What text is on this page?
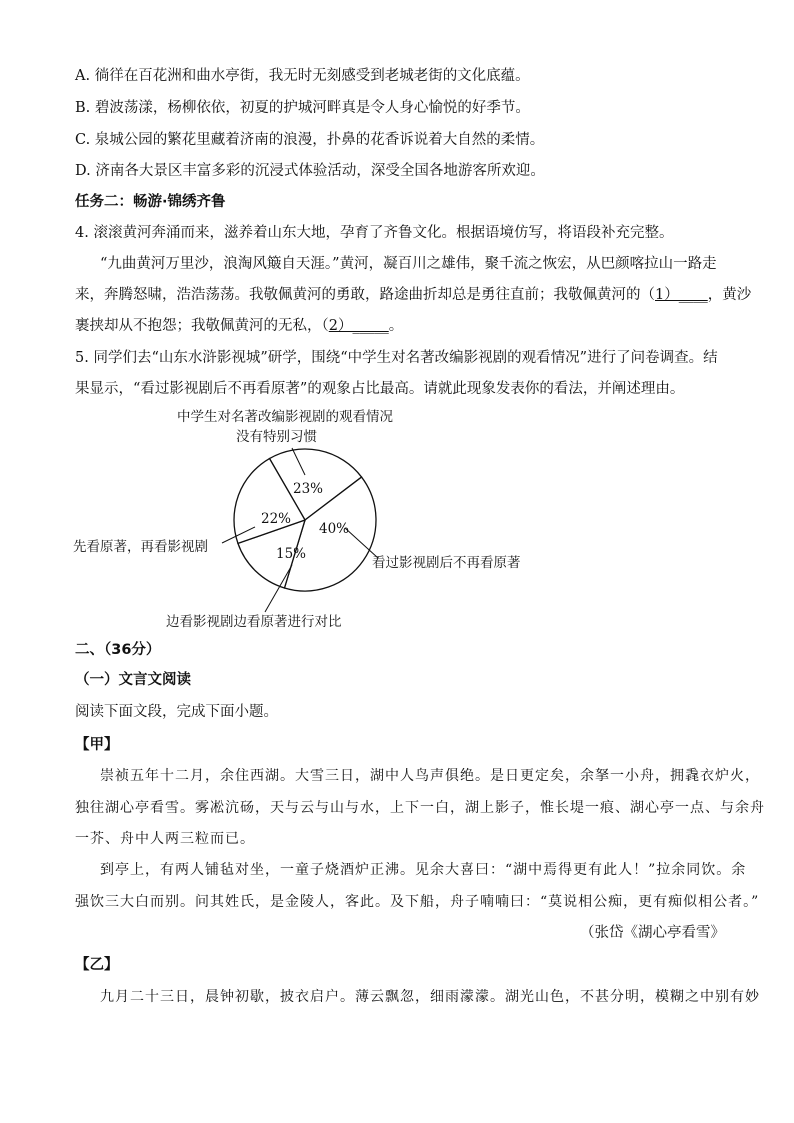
A. 徜徉在百花洲和曲水亭街，我无时无刻感受到老城老街的文化底蕴。
B. 碧波荡漾，杨柳依依，初夏的护城河畔真是令人身心愉悦的好季节。
C. 泉城公园的繁花里藏着济南的浪漫，扑鼻的花香诉说着大自然的柔情。
D. 济南各大景区丰富多彩的沉浸式体验活动，深受全国各地游客所欢迎。
任务二：畅游·锦绣齐鲁
4. 滚滚黄河奔涌而来，滋养着山东大地，孕育了齐鲁文化。根据语境仿写，将语段补充完整。
“九曲黄河万里沙，浪淘风簸自天涯。”黄河，凝百川之雄伟，聚千流之恢宏，从巴颜喀拉山一路走
来，奔腾怒啸，浩浩荡荡。我敬佩黄河的勇敢，路途曲折却总是勇往直前；我敬佩黄河的（1）____，黄沙
裹挟却从不抱怨；我敬佩黄河的无私，（2）_____。
5. 同学们去“山东水浒影视城”研学，围绕“中学生对名著改编影视剧的观看情况”进行了问卷调查。结
果显示，“看过影视剧后不再看原著”的观象占比最高。请就此现象发表你的看法，并阐述理由。
中学生对名著改编影视剧的观看情况
没有特别习惯
看过影视剧后不再看原著
边看影视剧边看原著进行对比
先看原著，再看影视剧
23%
40%
15%
22%
二、（36分）
（一）文言文阅读
阅读下面文段，完成下面小题。
【甲】
崇祯五年十二月，余住西湖。大雪三日，湖中人鸟声俱绝。是日更定矣，余拏一小舟，拥毳衣炉火，
独往湖心亭看雪。雾凇沆砀，天与云与山与水，上下一白，湖上影子，惟长堤一痕、湖心亭一点、与余舟
一芥、舟中人两三粒而已。
到亭上，有两人铺毡对坐，一童子烧酒炉正沸。见余大喜曰：“湖中焉得更有此人！”拉余同饮。余
强饮三大白而别。问其姓氏，是金陵人，客此。及下船，舟子喃喃曰：“莫说相公痴，更有痴似相公者。”
（张岱《湖心亭看雪》
【乙】
九月二十三日，晨钟初歇，披衣启户。薄云飘忽，细雨濛濛。湖光山色，不甚分明，模糊之中别有妙
